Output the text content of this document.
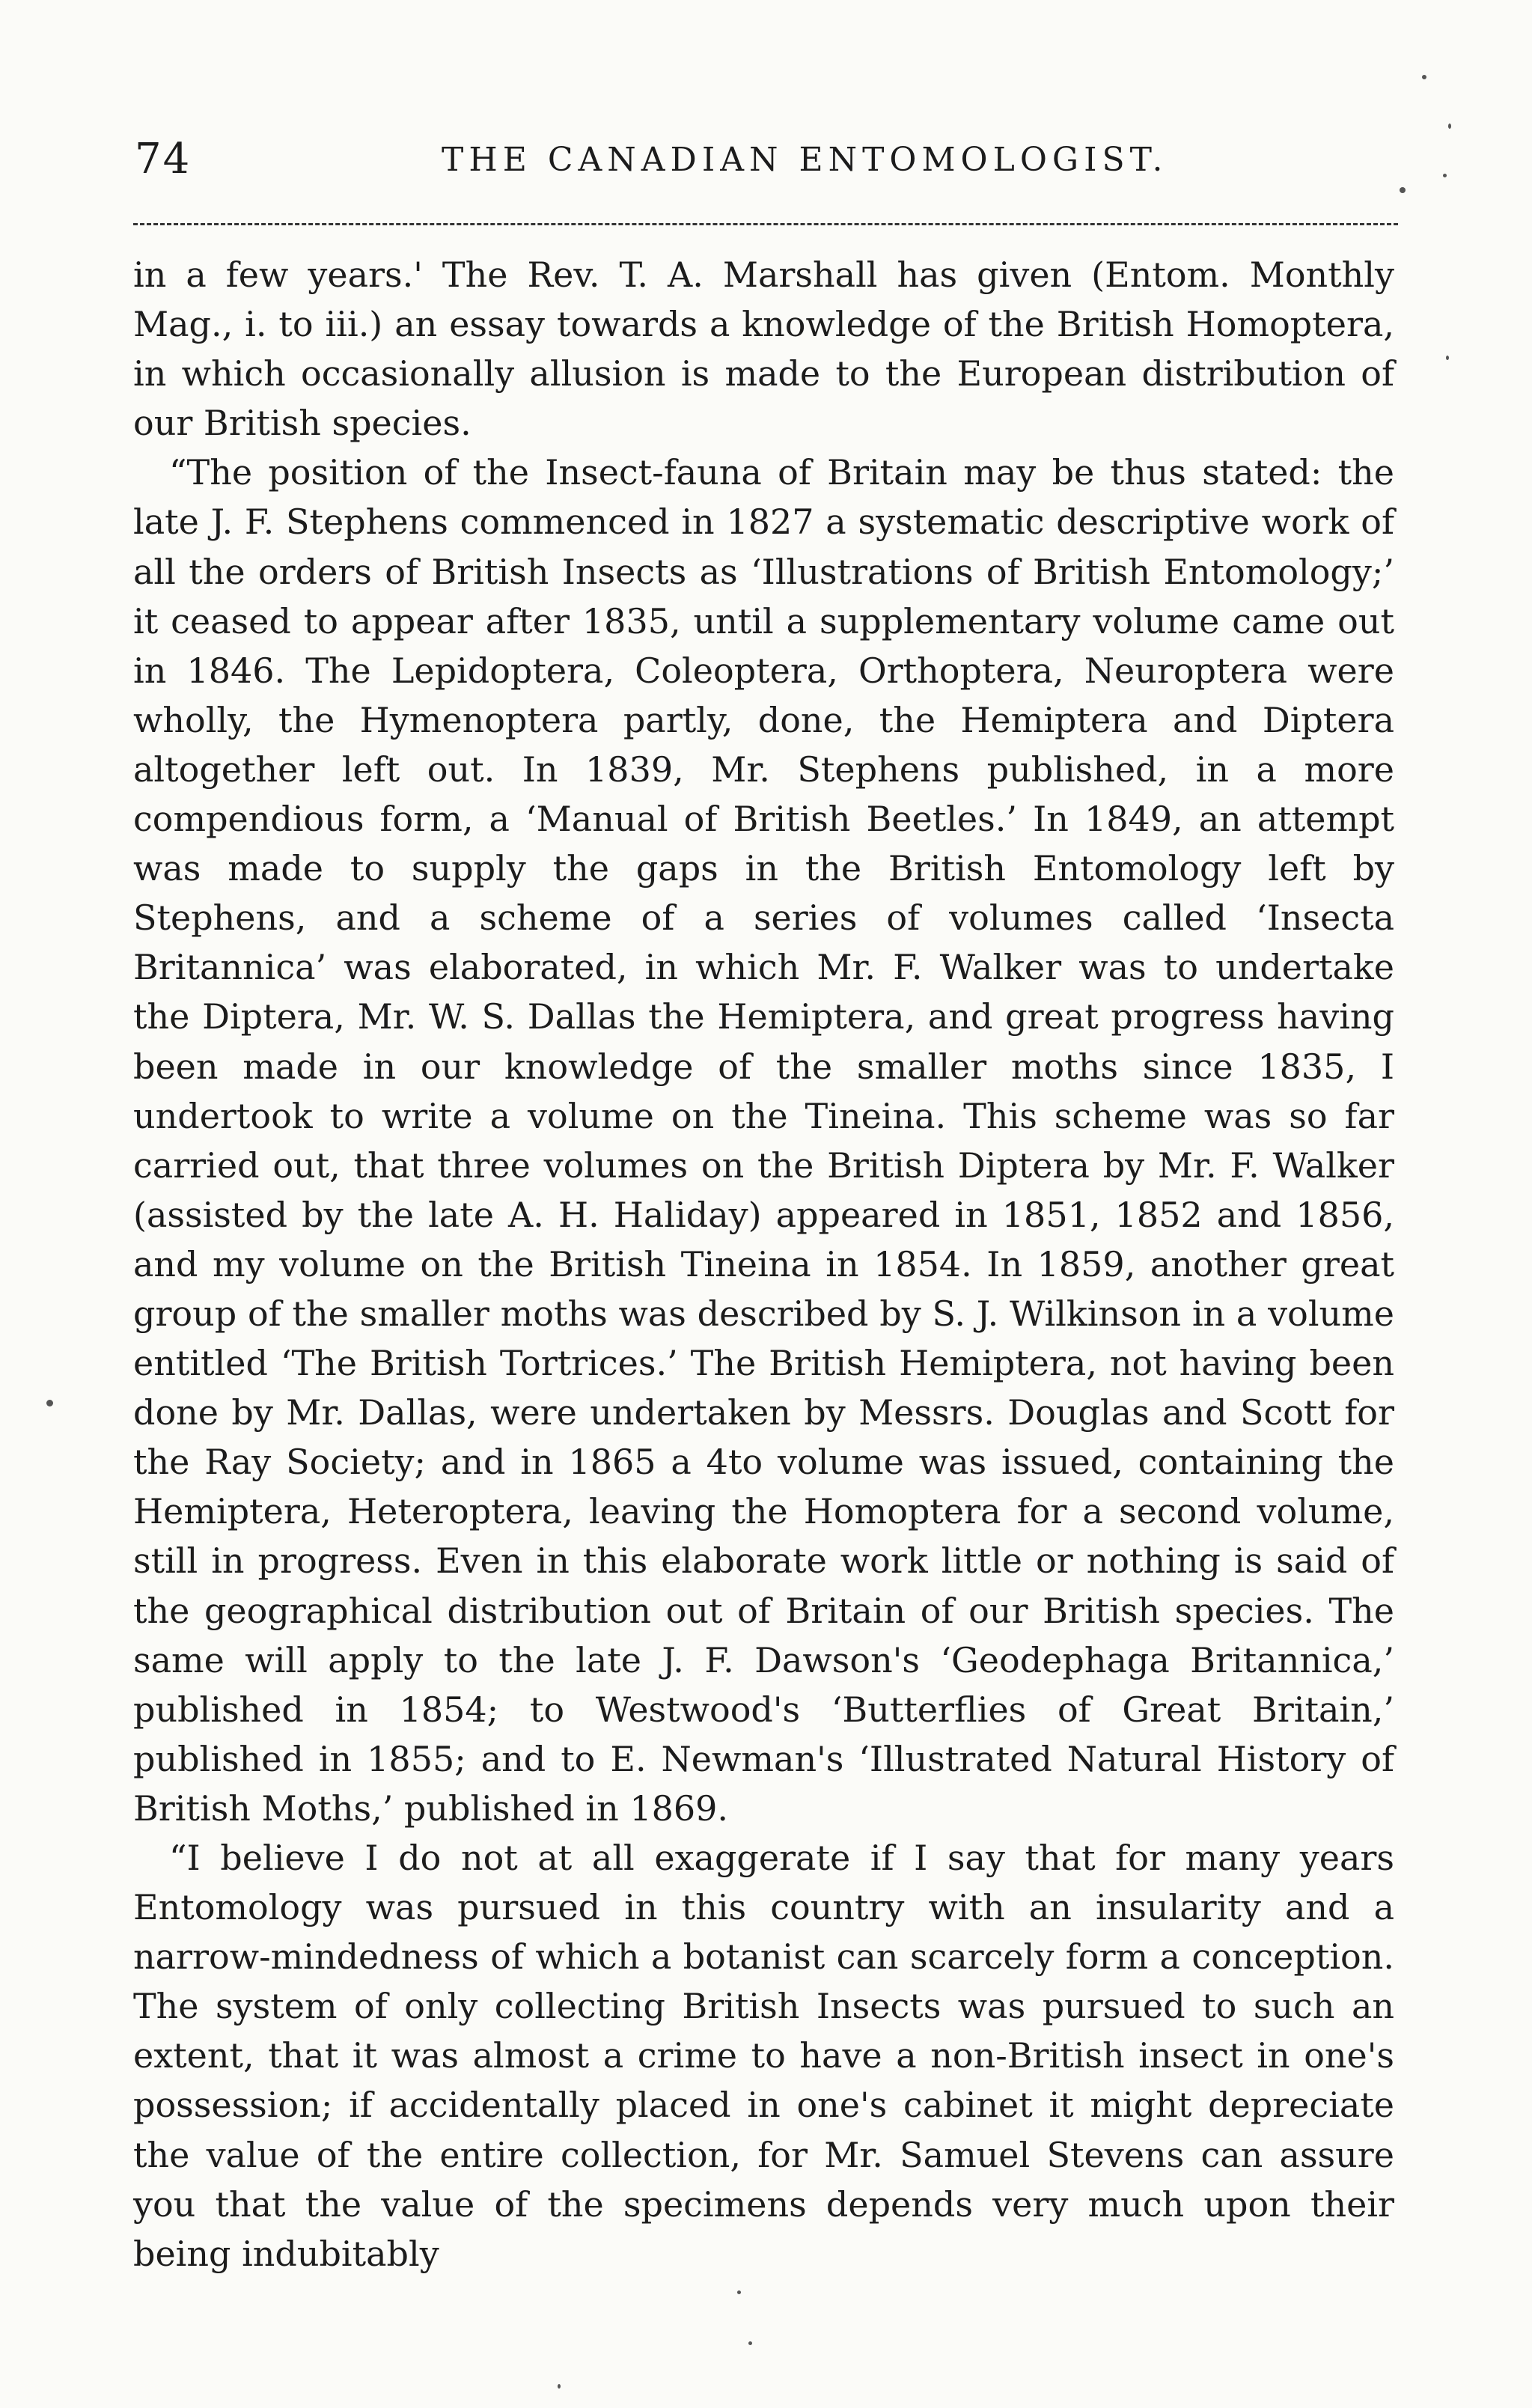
74	THE CANADIAN ENTOMOLOGIST.

in a few years.' The Rev. T. A. Marshall has given (Entom. Monthly Mag., i. to iii.) an essay towards a knowledge of the British Homoptera, in which occasionally allusion is made to the European distribution of our British species.

“The position of the Insect-fauna of Britain may be thus stated: the late J. F. Stephens commenced in 1827 a systematic descriptive work of all the orders of British Insects as ‘Illustrations of British Entomology;’ it ceased to appear after 1835, until a supplementary volume came out in 1846. The Lepidoptera, Coleoptera, Orthoptera, Neuroptera were wholly, the Hymenoptera partly, done, the Hemiptera and Diptera altogether left out. In 1839, Mr. Stephens published, in a more compendious form, a ‘Manual of British Beetles.’ In 1849, an attempt was made to supply the gaps in the British Entomology left by Stephens, and a scheme of a series of volumes called ‘Insecta Britannica’ was elaborated, in which Mr. F. Walker was to undertake the Diptera, Mr. W. S. Dallas the Hemiptera, and great progress having been made in our knowledge of the smaller moths since 1835, I undertook to write a volume on the Tineina. This scheme was so far carried out, that three volumes on the British Diptera by Mr. F. Walker (assisted by the late A. H. Haliday) appeared in 1851, 1852 and 1856, and my volume on the British Tineina in 1854. In 1859, another great group of the smaller moths was described by S. J. Wilkinson in a volume entitled ‘The British Tortrices.’ The British Hemiptera, not having been done by Mr. Dallas, were undertaken by Messrs. Douglas and Scott for the Ray Society; and in 1865 a 4to volume was issued, containing the Hemiptera, Heteroptera, leaving the Homoptera for a second volume, still in progress. Even in this elaborate work little or nothing is said of the geographical distribution out of Britain of our British species. The same will apply to the late J. F. Dawson's ‘Geodephaga Britannica,’ published in 1854; to Westwood's ‘Butterflies of Great Britain,’ published in 1855; and to E. Newman's ‘Illustrated Natural History of British Moths,’ published in 1869.

“I believe I do not at all exaggerate if I say that for many years Entomology was pursued in this country with an insularity and a narrow-mindedness of which a botanist can scarcely form a conception. The system of only collecting British Insects was pursued to such an extent, that it was almost a crime to have a non-British insect in one's possession; if accidentally placed in one's cabinet it might depreciate the value of the entire collection, for Mr. Samuel Stevens can assure you that the value of the specimens depends very much upon their being indubitably
